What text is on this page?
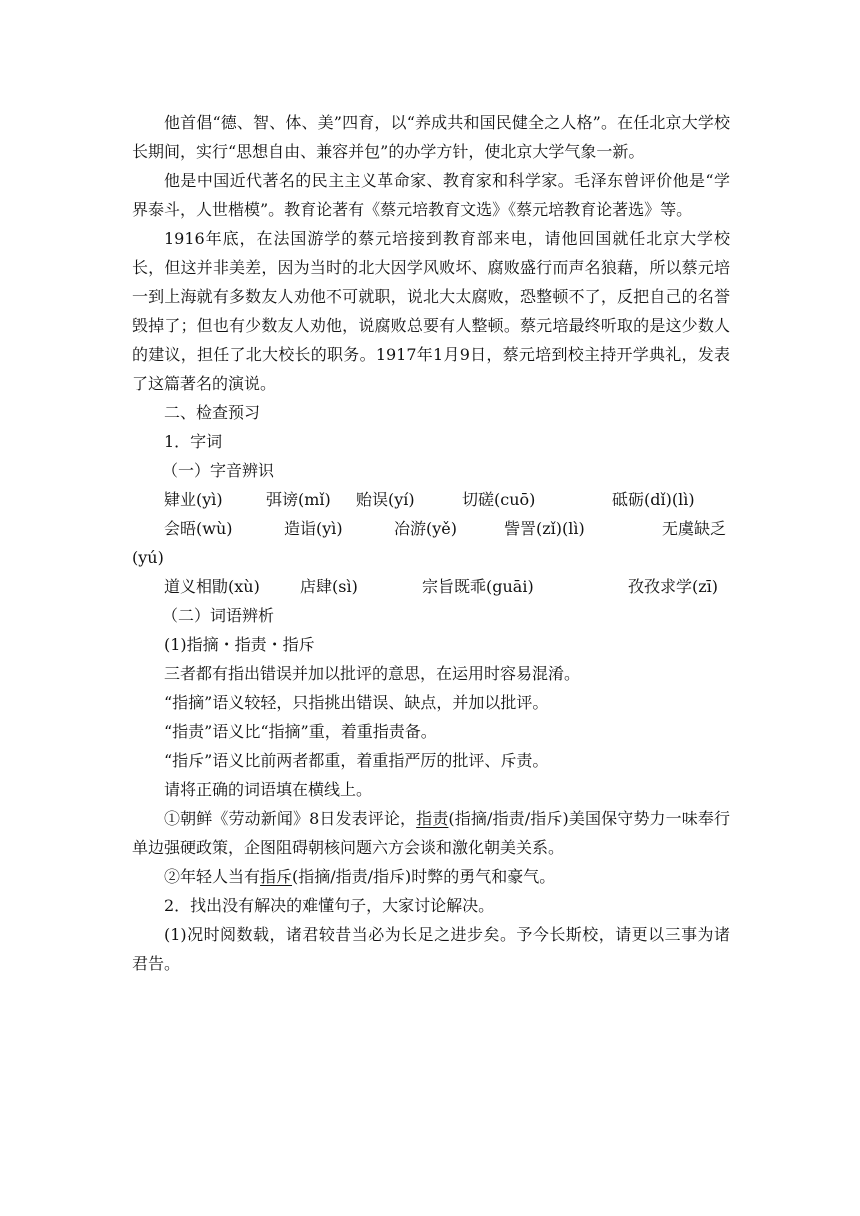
他首倡“德、智、体、美”四育，以“养成共和国民健全之人格”。在任北京大学校长期间，实行“思想自由、兼容并包”的办学方针，使北京大学气象一新。

他是中国近代著名的民主主义革命家、教育家和科学家。毛泽东曾评价他是“学界泰斗，人世楷模”。教育论著有《蔡元培教育文选》《蔡元培教育论著选》等。

1916年底，在法国游学的蔡元培接到教育部来电，请他回国就任北京大学校长，但这并非美差，因为当时的北大因学风败坏、腐败盛行而声名狼藉，所以蔡元培一到上海就有多数友人劝他不可就职，说北大太腐败，恐整顿不了，反把自己的名誉毁掉了；但也有少数友人劝他，说腐败总要有人整顿。蔡元培最终听取的是这少数人的建议，担任了北大校长的职务。1917年1月9日，蔡元培到校主持开学典礼，发表了这篇著名的演说。

二、检查预习

1．字词

（一）字音辨识

肄业(yì)	弭谤(mǐ)	贻误(yí)	切磋(cuō)	砥砺(dǐ)(lì)
会晤(wù)	造诣(yì)	冶游(yě)	訾詈(zǐ)(lì)	无虞缺乏

(yú)

道义相勖(xù)	店肆(sì)	宗旨既乖(guāi)	孜孜求学(zī)

（二）词语辨析

(1)指摘・指责・指斥

三者都有指出错误并加以批评的意思，在运用时容易混淆。

“指摘”语义较轻，只指挑出错误、缺点，并加以批评。

“指责”语义比“指摘”重，着重指责备。

“指斥”语义比前两者都重，着重指严厉的批评、斥责。

请将正确的词语填在横线上。

①朝鲜《劳动新闻》8日发表评论，指责(指摘/指责/指斥)美国保守势力一味奉行单边强硬政策，企图阻碍朝核问题六方会谈和激化朝美关系。

②年轻人当有指斥(指摘/指责/指斥)时弊的勇气和豪气。

2．找出没有解决的难懂句子，大家讨论解决。

(1)况时阅数载，诸君较昔当必为长足之进步矣。予今长斯校，请更以三事为诸君告。
